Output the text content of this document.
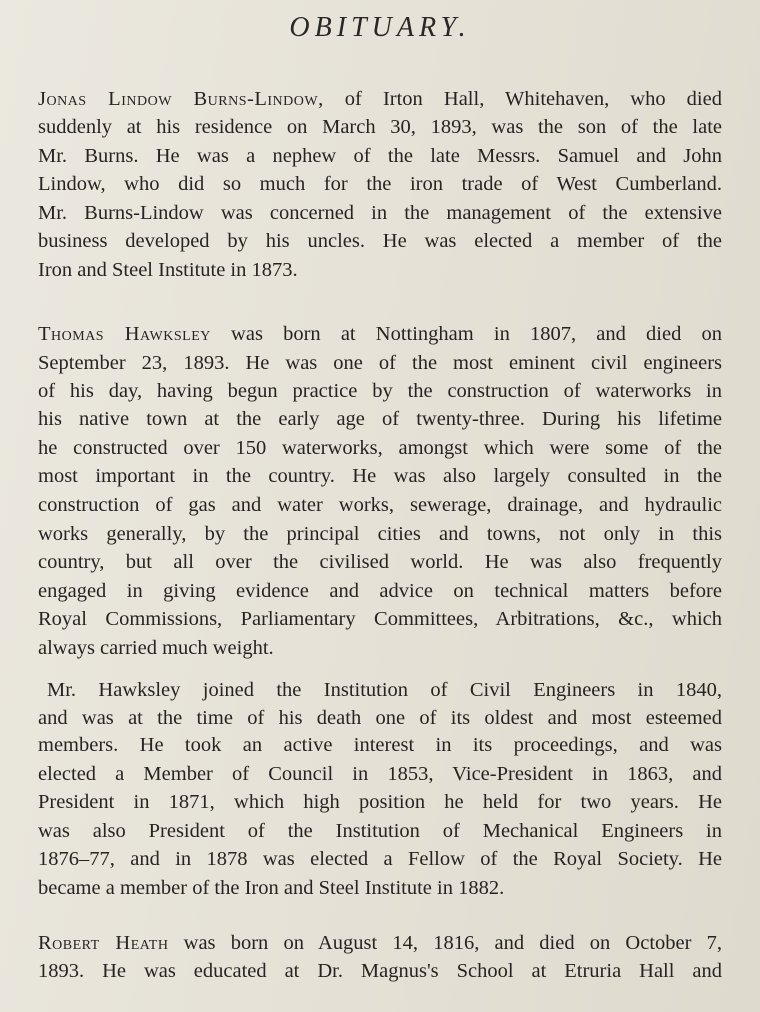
OBITUARY.
Jonas Lindow Burns-Lindow, of Irton Hall, Whitehaven, who died
suddenly at his residence on March 30, 1893, was the son of the late
Mr. Burns. He was a nephew of the late Messrs. Samuel and John
Lindow, who did so much for the iron trade of West Cumberland.
Mr. Burns-Lindow was concerned in the management of the extensive
business developed by his uncles. He was elected a member of the
Iron and Steel Institute in 1873.
Thomas Hawksley was born at Nottingham in 1807, and died on
September 23, 1893. He was one of the most eminent civil engineers
of his day, having begun practice by the construction of waterworks in
his native town at the early age of twenty-three. During his lifetime
he constructed over 150 waterworks, amongst which were some of the
most important in the country. He was also largely consulted in the
construction of gas and water works, sewerage, drainage, and hydraulic
works generally, by the principal cities and towns, not only in this
country, but all over the civilised world. He was also frequently
engaged in giving evidence and advice on technical matters before
Royal Commissions, Parliamentary Committees, Arbitrations, &c., which
always carried much weight.
Mr. Hawksley joined the Institution of Civil Engineers in 1840,
and was at the time of his death one of its oldest and most esteemed
members. He took an active interest in its proceedings, and was
elected a Member of Council in 1853, Vice-President in 1863, and
President in 1871, which high position he held for two years. He
was also President of the Institution of Mechanical Engineers in
1876–77, and in 1878 was elected a Fellow of the Royal Society. He
became a member of the Iron and Steel Institute in 1882.
Robert Heath was born on August 14, 1816, and died on October 7,
1893. He was educated at Dr. Magnus's School at Etruria Hall and
